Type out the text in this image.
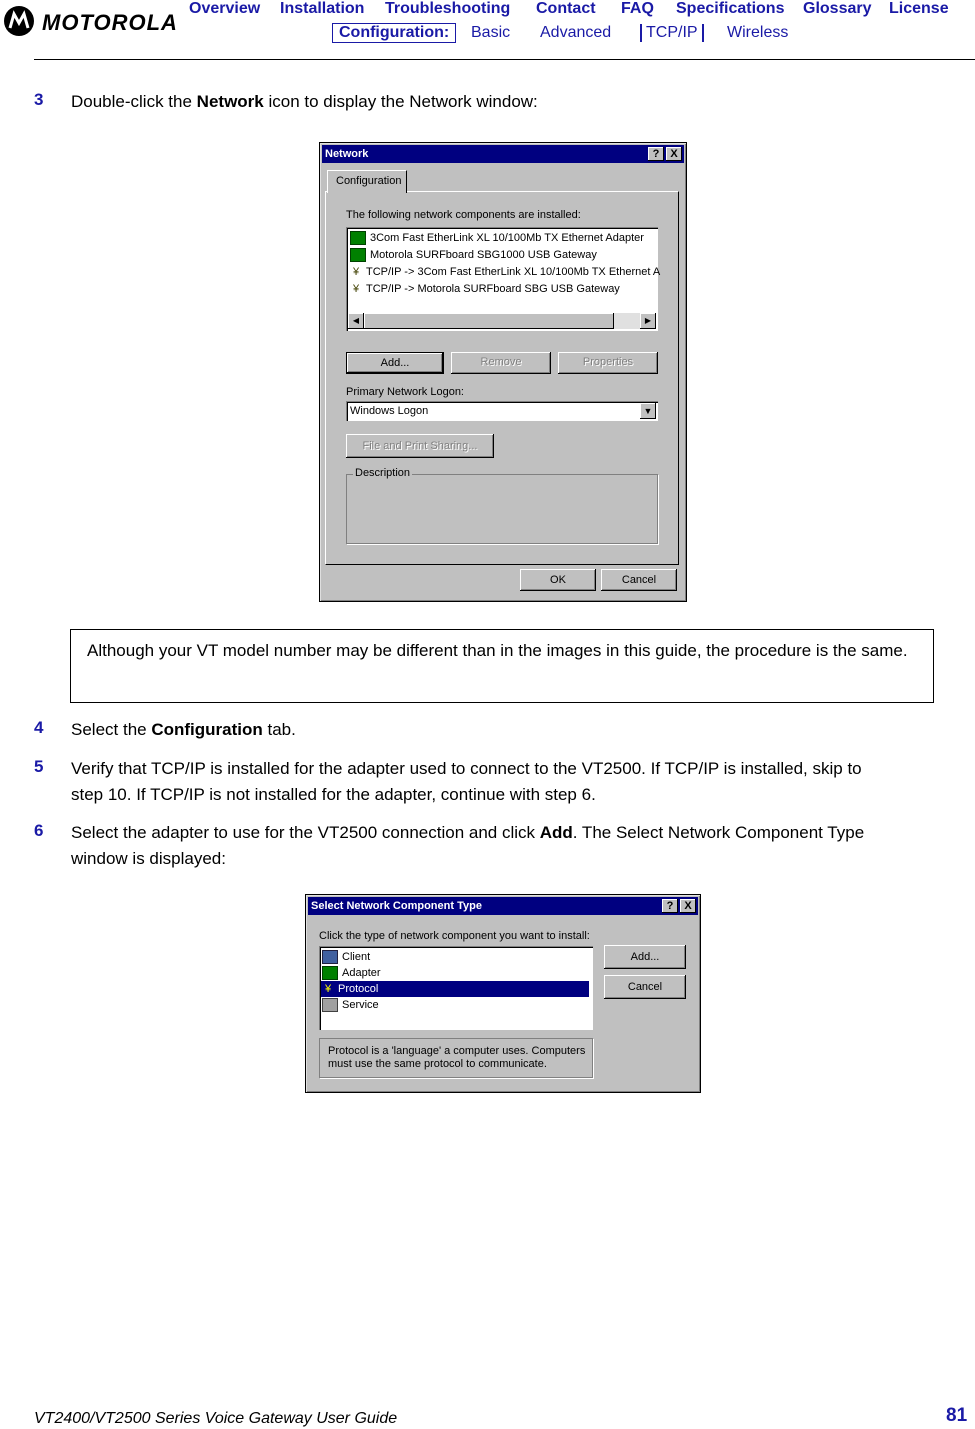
MOTOROLA
Overview Installation Troubleshooting Contact FAQ Specifications Glossary License
Configuration:	Basic Advanced	TCP/IP	Wireless
3 Double-click the Network icon to display the Network window:
Network	? X
Configuration
The following network components are installed:
3Com Fast EtherLink XL 10/100Mb TX Ethernet Adapter
Motorola SURFboard SBG1000 USB Gateway
¥ TCP/IP -> 3Com Fast EtherLink XL 10/100Mb TX Ethernet A
¥ TCP/IP -> Motorola SURFboard SBG USB Gateway
◀	▶
Add...	Remove	Properties
Primary Network Logon:
Windows Logon	▼
File and Print Sharing...
Description
OK	Cancel
Although your VT model number may be different than in the images in this guide, the procedure is the same.
4 Select the Configuration tab.
5 Verify that TCP/IP is installed for the adapter used to connect to the VT2500. If TCP/IP is installed, skip to
step 10. If TCP/IP is not installed for the adapter, continue with step 6.
6 Select the adapter to use for the VT2500 connection and click Add. The Select Network Component Type
window is displayed:
Select Network Component Type	? X
Click the type of network component you want to install:
Client
Adapter
¥ Protocol
Service
Add...
Cancel
Protocol is a 'language' a computer uses. Computers must use the same protocol to communicate.
VT2400/VT2500 Series Voice Gateway User Guide	81
